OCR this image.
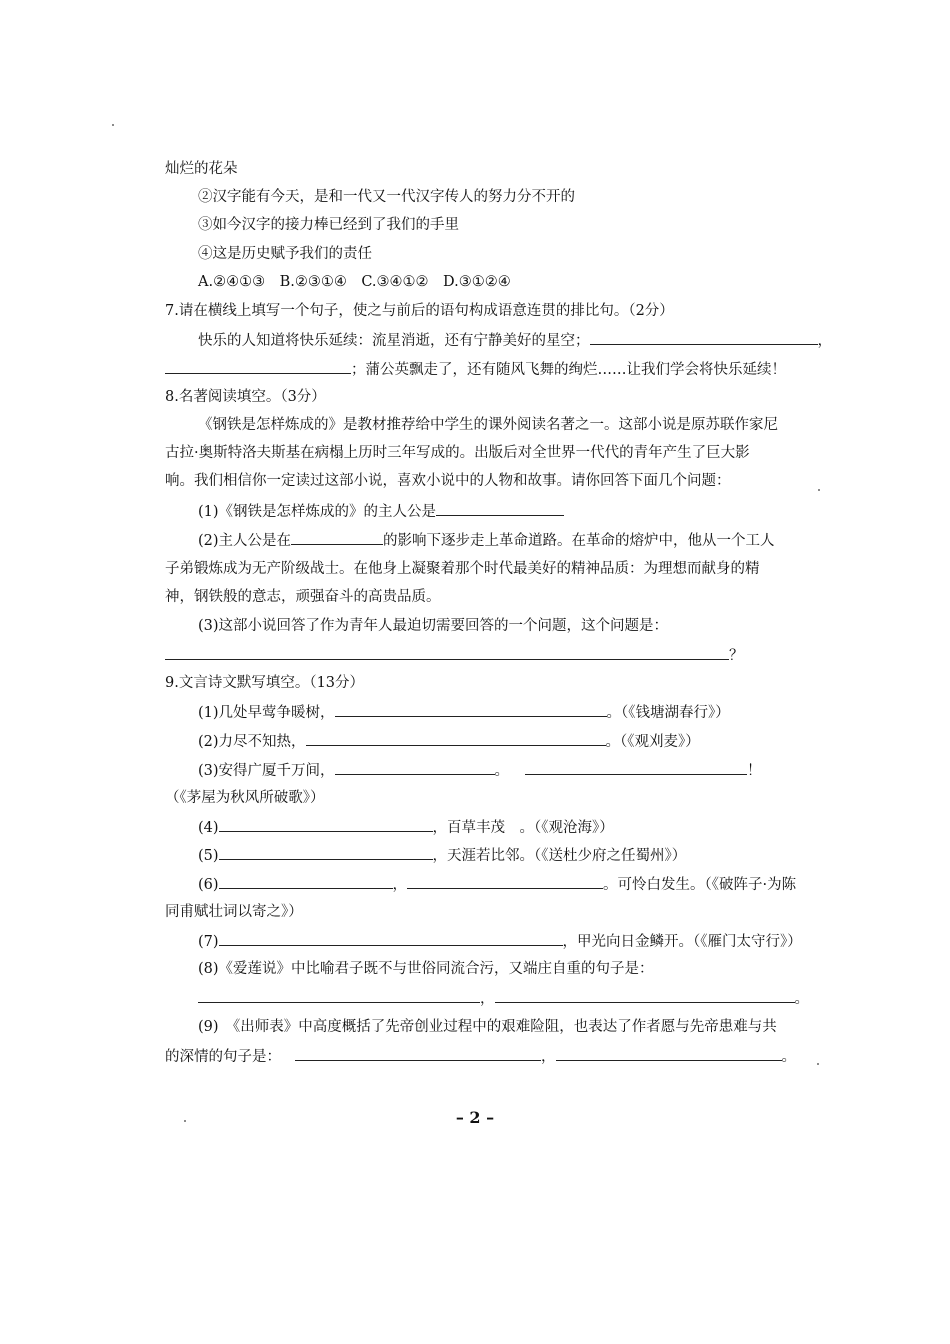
灿烂的花朵
②汉字能有今天，是和一代又一代汉字传人的努力分不开的
③如今汉字的接力棒已经到了我们的手里
④这是历史赋予我们的责任
A.②④①③　B.②③①④　C.③④①②　D.③①②④
7.请在横线上填写一个句子，使之与前后的语句构成语意连贯的排比句。（2分）
快乐的人知道将快乐延续：流星消逝，还有宁静美好的星空；	，
；蒲公英飘走了，还有随风飞舞的绚烂……让我们学会将快乐延续！
8.名著阅读填空。（3分）
《钢铁是怎样炼成的》是教材推荐给中学生的课外阅读名著之一。这部小说是原苏联作家尼
古拉·奥斯特洛夫斯基在病榻上历时三年写成的。出版后对全世界一代代的青年产生了巨大影
响。我们相信你一定读过这部小说，喜欢小说中的人物和故事。请你回答下面几个问题：
(1)《钢铁是怎样炼成的》的主人公是
(2)主人公是在	的影响下逐步走上革命道路。在革命的熔炉中，他从一个工人
子弟锻炼成为无产阶级战士。在他身上凝聚着那个时代最美好的精神品质：为理想而献身的精
神，钢铁般的意志，顽强奋斗的高贵品质。
(3)这部小说回答了作为青年人最迫切需要回答的一个问题，这个问题是：
？
9.文言诗文默写填空。（13分）
(1)几处早莺争暖树，	。（《钱塘湖春行》）
(2)力尽不知热，	。（《观刈麦》）
(3)安得广厦千万间，	。	！
（《茅屋为秋风所破歌》）
(4)	，百草丰茂　。（《观沧海》）
(5)	，天涯若比邻。（《送杜少府之任蜀州》）
(6)	，	。可怜白发生。（《破阵子·为陈
同甫赋壮词以寄之》）
(7)	，甲光向日金鳞开。（《雁门太守行》）
(8)《爱莲说》中比喻君子既不与世俗同流合污，又端庄自重的句子是：
，	。
(9)　《出师表》中高度概括了先帝创业过程中的艰难险阻，也表达了作者愿与先帝患难与共
的深情的句子是：	，	。
– 2 –
